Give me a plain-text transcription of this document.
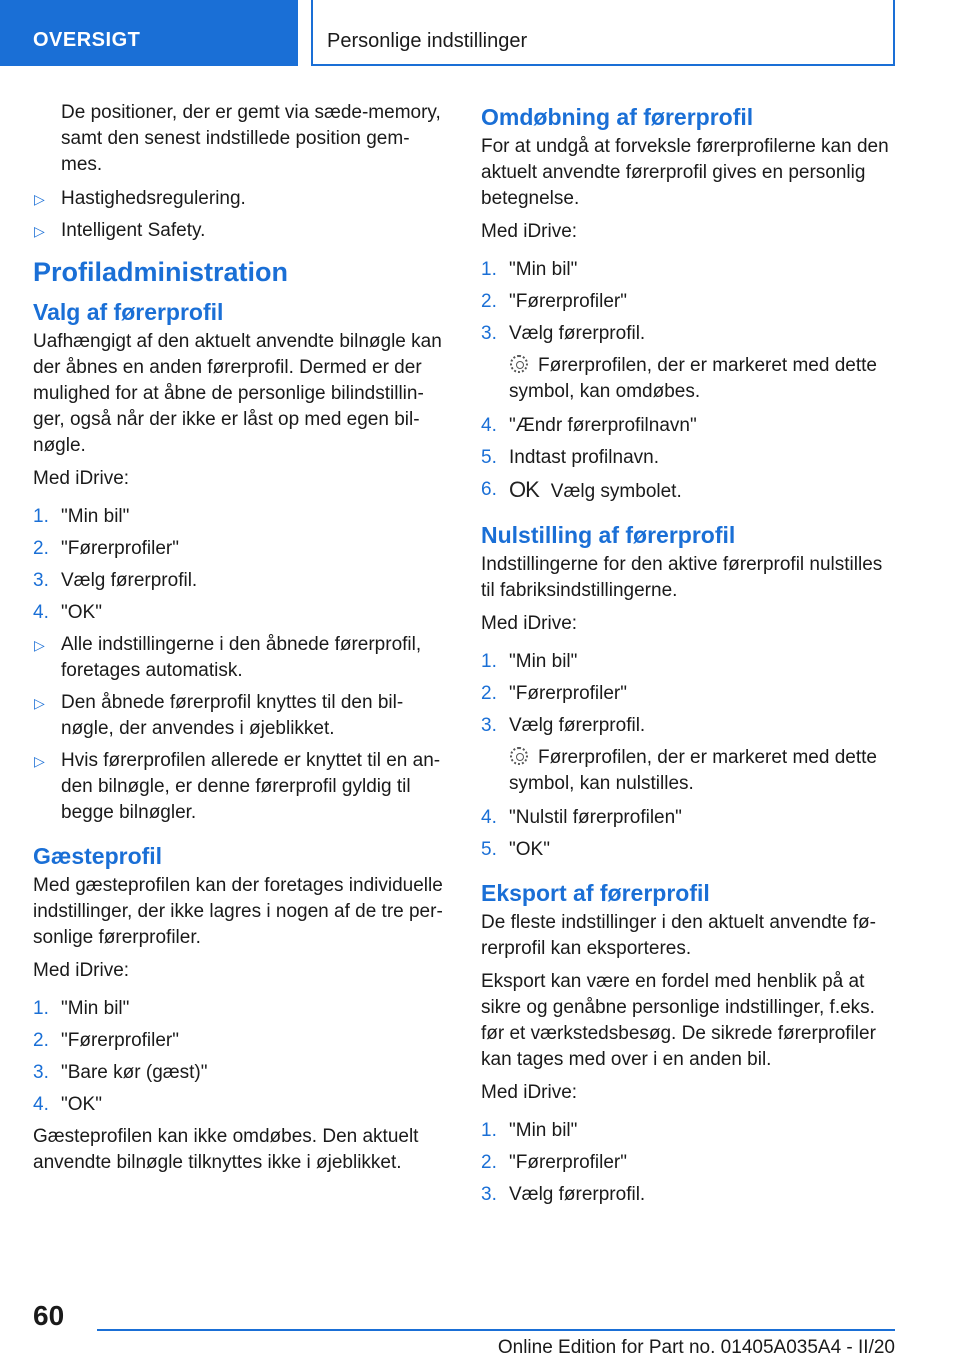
OVERSIGT	Personlige indstillinger
De positioner, der er gemt via sæde-memory, samt den senest indstillede position gem-mes.
▷ Hastighedsregulering.
▷ Intelligent Safety.
Profiladministration
Valg af førerprofil
Uafhængigt af den aktuelt anvendte bilnøgle kan der åbnes en anden førerprofil. Dermed er der mulighed for at åbne de personlige bilindstillin-ger, også når der ikke er låst op med egen bil-nøgle.
Med iDrive:
1. "Min bil"
2. "Førerprofiler"
3. Vælg førerprofil.
4. "OK"
▷ Alle indstillingerne i den åbnede førerprofil, foretages automatisk.
▷ Den åbnede førerprofil knyttes til den bil-nøgle, der anvendes i øjeblikket.
▷ Hvis førerprofilen allerede er knyttet til en an-den bilnøgle, er denne førerprofil gyldig til begge bilnøgler.
Gæsteprofil
Med gæsteprofilen kan der foretages individuelle indstillinger, der ikke lagres i nogen af de tre per-sonlige førerprofiler.
Med iDrive:
1. "Min bil"
2. "Førerprofiler"
3. "Bare kør (gæst)"
4. "OK"
Gæsteprofilen kan ikke omdøbes. Den aktuelt anvendte bilnøgle tilknyttes ikke i øjeblikket.
Omdøbning af førerprofil
For at undgå at forveksle førerprofilerne kan den aktuelt anvendte førerprofil gives en personlig betegnelse.
Med iDrive:
1. "Min bil"
2. "Førerprofiler"
3. Vælg førerprofil.
Førerprofilen, der er markeret med dette symbol, kan omdøbes.
4. "Ændr førerprofilnavn"
5. Indtast profilnavn.
6. OK Vælg symbolet.
Nulstilling af førerprofil
Indstillingerne for den aktive førerprofil nulstilles til fabriksindstillingerne.
Med iDrive:
1. "Min bil"
2. "Førerprofiler"
3. Vælg førerprofil.
Førerprofilen, der er markeret med dette symbol, kan nulstilles.
4. "Nulstil førerprofilen"
5. "OK"
Eksport af førerprofil
De fleste indstillinger i den aktuelt anvendte fø-rerprofil kan eksporteres.
Eksport kan være en fordel med henblik på at sikre og genåbne personlige indstillinger, f.eks. før et værkstedsbesøg. De sikrede førerprofiler kan tages med over i en anden bil.
Med iDrive:
1. "Min bil"
2. "Førerprofiler"
3. Vælg førerprofil.
60
Online Edition for Part no. 01405A035A4 - II/20
